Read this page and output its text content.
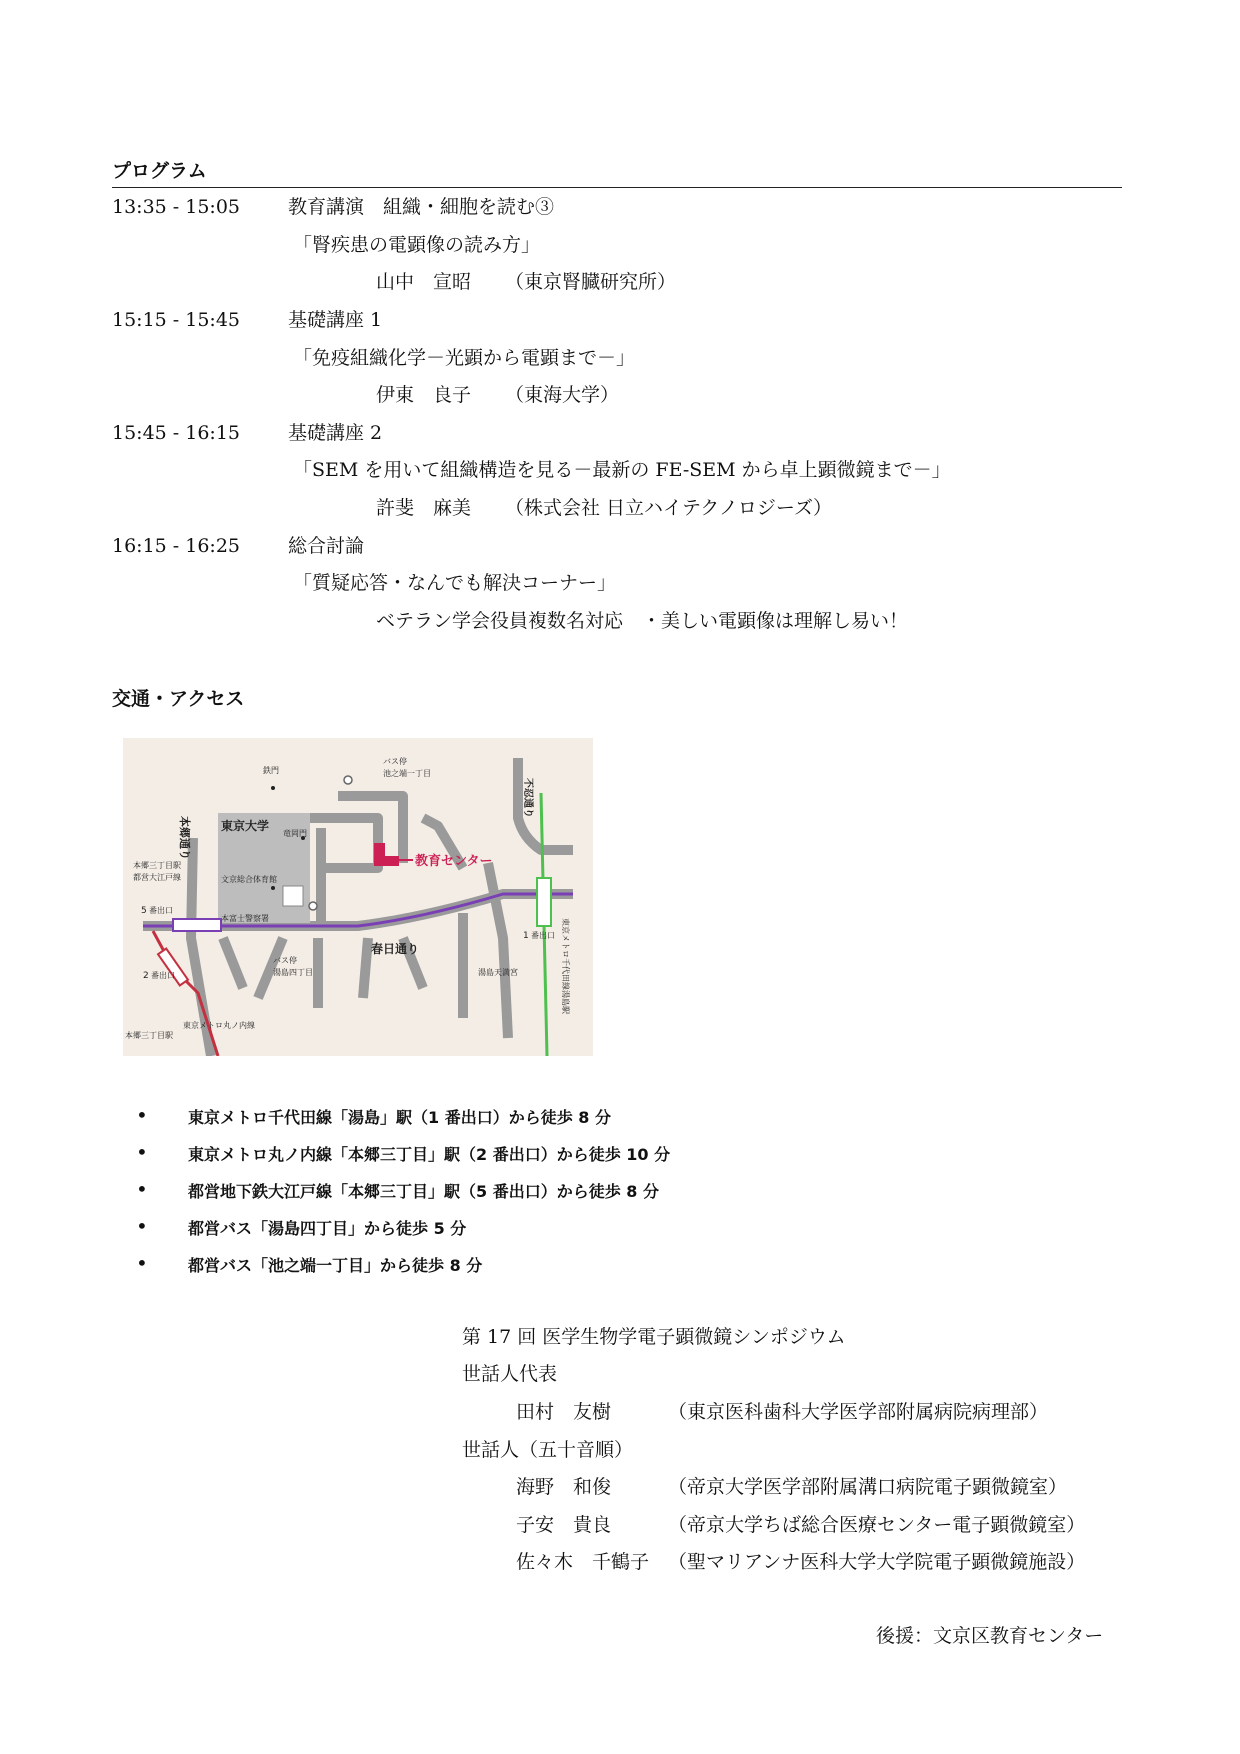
プログラム
13:35 - 15:05	教育講演　組織・細胞を読む③
「腎疾患の電顕像の読み方」
山中　宣昭 （東京腎臓研究所）
15:15 - 15:45	基礎講座 1
「免疫組織化学－光顕から電顕まで－」
伊東　良子 （東海大学）
15:45 - 16:15	基礎講座 2
「SEM を用いて組織構造を見る－最新の FE-SEM から卓上顕微鏡まで－」
許斐　麻美 （株式会社 日立ハイテクノロジーズ）
16:15 - 16:25	総合討論
「質疑応答・なんでも解決コーナー」
ベテラン学会役員複数名対応　・美しい電顕像は理解し易い！
交通・アクセス
東京大学
教育センター
鉄門
竜岡門
文京総合体育館
本富士警察署
バス停
池之端一丁目
バス停
湯島四丁目
春日通り
湯島天満宮
1 番出口
東京メトロ丸ノ内線
本郷三丁目駅
2 番出口
5 番出口
本郷三丁目駅
都営大江戸線
本郷通り
不忍通り
東京メトロ千代田線湯島駅
•	東京メトロ千代田線「湯島」駅（1 番出口）から徒歩 8 分
•	東京メトロ丸ノ内線「本郷三丁目」駅（2 番出口）から徒歩 10 分
•	都営地下鉄大江戸線「本郷三丁目」駅（5 番出口）から徒歩 8 分
•	都営バス「湯島四丁目」から徒歩 5 分
•	都営バス「池之端一丁目」から徒歩 8 分
第 17 回 医学生物学電子顕微鏡シンポジウム
世話人代表
田村　友樹	（東京医科歯科大学医学部附属病院病理部）
世話人（五十音順）
海野　和俊	（帝京大学医学部附属溝口病院電子顕微鏡室）
子安　貴良	（帝京大学ちば総合医療センター電子顕微鏡室）
佐々木　千鶴子 （聖マリアンナ医科大学大学院電子顕微鏡施設）
後援：文京区教育センター
